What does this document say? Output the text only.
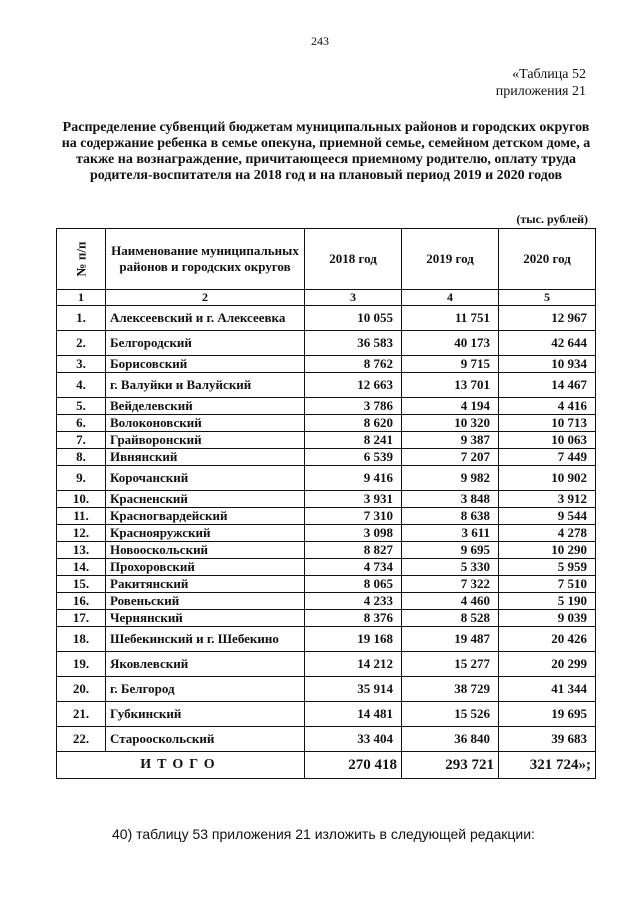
243
«Таблица 52
приложения 21
Распределение субвенций бюджетам муниципальных районов и городских округов на содержание ребенка в семье опекуна, приемной семье, семейном детском доме, а также на вознаграждение, причитающееся приемному родителю, оплату труда родителя-воспитателя на 2018 год и на плановый период 2019 и 2020 годов
(тыс. рублей)
№ п/п	Наименование муниципальных районов и городских округов	2018 год	2019 год	2020 год
1	2	3	4	5
1.	Алексеевский и г. Алексеевка	10 055	11 751	12 967
2.	Белгородский	36 583	40 173	42 644
3.	Борисовский	8 762	9 715	10 934
4.	г. Валуйки и Валуйский	12 663	13 701	14 467
5.	Вейделевский	3 786	4 194	4 416
6.	Волоконовский	8 620	10 320	10 713
7.	Грайворонский	8 241	9 387	10 063
8.	Ивнянский	6 539	7 207	7 449
9.	Корочанский	9 416	9 982	10 902
10.	Красненский	3 931	3 848	3 912
11.	Красногвардейский	7 310	8 638	9 544
12.	Краснояружский	3 098	3 611	4 278
13.	Новооскольский	8 827	9 695	10 290
14.	Прохоровский	4 734	5 330	5 959
15.	Ракитянский	8 065	7 322	7 510
16.	Ровеньский	4 233	4 460	5 190
17.	Чернянский	8 376	8 528	9 039
18.	Шебекинский и г. Шебекино	19 168	19 487	20 426
19.	Яковлевский	14 212	15 277	20 299
20.	г. Белгород	35 914	38 729	41 344
21.	Губкинский	14 481	15 526	19 695
22.	Старооскольский	33 404	36 840	39 683
ИТОГО		270 418	293 721	321 724»;
40) таблицу 53 приложения 21 изложить в следующей редакции:
